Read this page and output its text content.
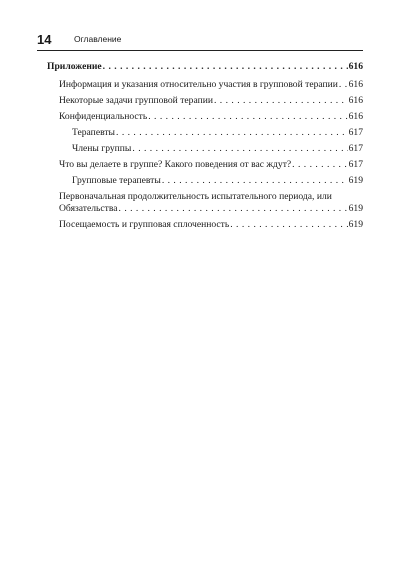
14	Оглавление
Приложение . . .	616
Информация и указания относительно участия в групповой терапии . . . 616
Некоторые задачи групповой терапии . . .	616
Конфиденциальность . . .	616
Терапевты . . .	617
Члены группы . . .	617
Что вы делаете в группе? Какого поведения от вас ждут? . . .	617
Групповые терапевты . . .	619
Первоначальная продолжительность испытательного периода, или
Обязательства . . .	619
Посещаемость и групповая сплоченность . . .	619
